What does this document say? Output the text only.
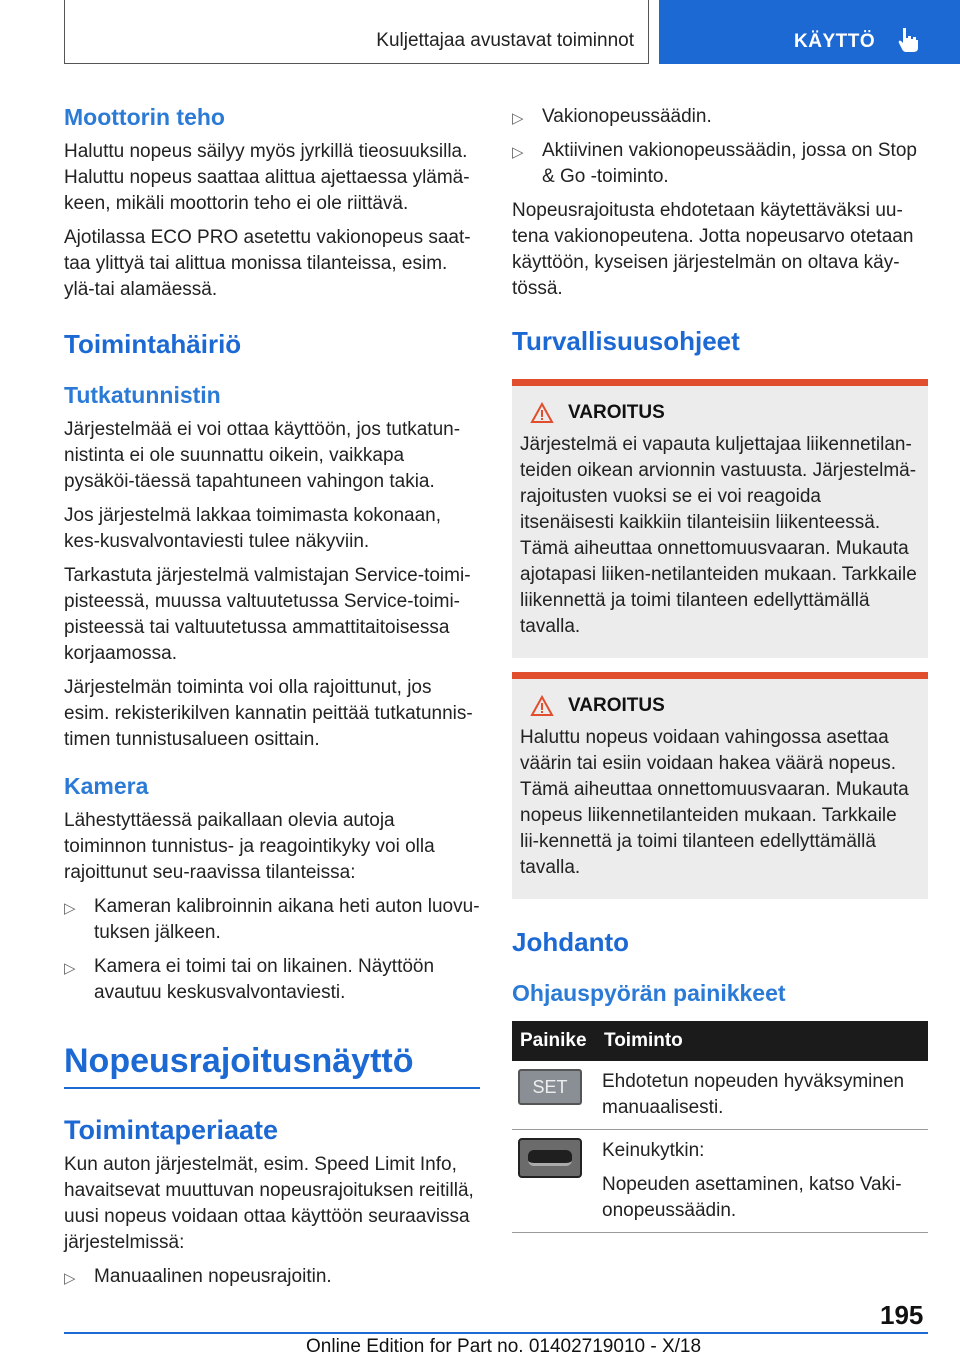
Kuljettajaa avustavat toiminnot	KÄYTTÖ
Moottorin teho

Haluttu nopeus säilyy myös jyrkillä tieosuuksilla. Haluttu nopeus saattaa alittua ajettaessa ylämä-keen, mikäli moottorin teho ei ole riittävä.

Ajotilassa ECO PRO asetettu vakionopeus saat-taa ylittyä tai alittua monissa tilanteissa, esim. ylä-tai alamäessä.

Toimintahäiriö
Tutkatunnistin

Järjestelmää ei voi ottaa käyttöön, jos tutkatun-nistinta ei ole suunnattu oikein, vaikkapa pysäköi-täessä tapahtuneen vahingon takia.

Jos järjestelmä lakkaa toimimasta kokonaan, kes-kusvalvontaviesti tulee näkyviin.

Tarkastuta järjestelmä valmistajan Service-toimi-pisteessä, muussa valtuutetussa Service-toimi-pisteessä tai valtuutetussa ammattitaitoisessa korjaamossa.

Järjestelmän toiminta voi olla rajoittunut, jos esim. rekisterikilven kannatin peittää tutkatunnis-timen tunnistusalueen osittain.

Kamera

Lähestyttäessä paikallaan olevia autoja toiminnon tunnistus- ja reagointikyky voi olla rajoittunut seu-raavissa tilanteissa:

▷ Kameran kalibroinnin aikana heti auton luovu-tuksen jälkeen.
▷ Kamera ei toimi tai on likainen. Näyttöön avautuu keskusvalvontaviesti.
Nopeusrajoitusnäyttö
Toimintaperiaate

Kun auton järjestelmät, esim. Speed Limit Info, havaitsevat muuttuvan nopeusrajoituksen reitillä, uusi nopeus voidaan ottaa käyttöön seuraavissa järjestelmissä:

▷ Manuaalinen nopeusrajoitin.
▷ Vakionopeussäädin.
▷ Aktiivinen vakionopeussäädin, jossa on Stop & Go -toiminto.

Nopeusrajoitusta ehdotetaan käytettäväksi uu-tena vakionopeutena. Jotta nopeusarvo otetaan käyttöön, kyseisen järjestelmän on oltava käy-tössä.

Turvallisuusohjeet
VAROITUS

Järjestelmä ei vapauta kuljettajaa liikennetilan-teiden oikean arvionnin vastuusta. Järjestelmä-rajoitusten vuoksi se ei voi reagoida itsenäisesti kaikkiin tilanteisiin liikenteessä. Tämä aiheuttaa onnettomuusvaaran. Mukauta ajotapasi liiken-netilanteiden mukaan. Tarkkaile liikennettä ja toimi tilanteen edellyttämällä tavalla.

VAROITUS

Haluttu nopeus voidaan vahingossa asettaa väärin tai esiin voidaan hakea väärä nopeus. Tämä aiheuttaa onnettomuusvaaran. Mukauta nopeus liikennetilanteiden mukaan. Tarkkaile lii-kennettä ja toimi tilanteen edellyttämällä tavalla.

Johdanto
Ohjauspyörän painikkeet
Painike	Toiminto

SET	Ehdotetun nopeuden hyväksyminen manuaalisesti.

	Keinukytkin:
Nopeuden asettaminen, katso Vaki-onopeussäädin.
195
Online Edition for Part no. 01402719010 - X/18
